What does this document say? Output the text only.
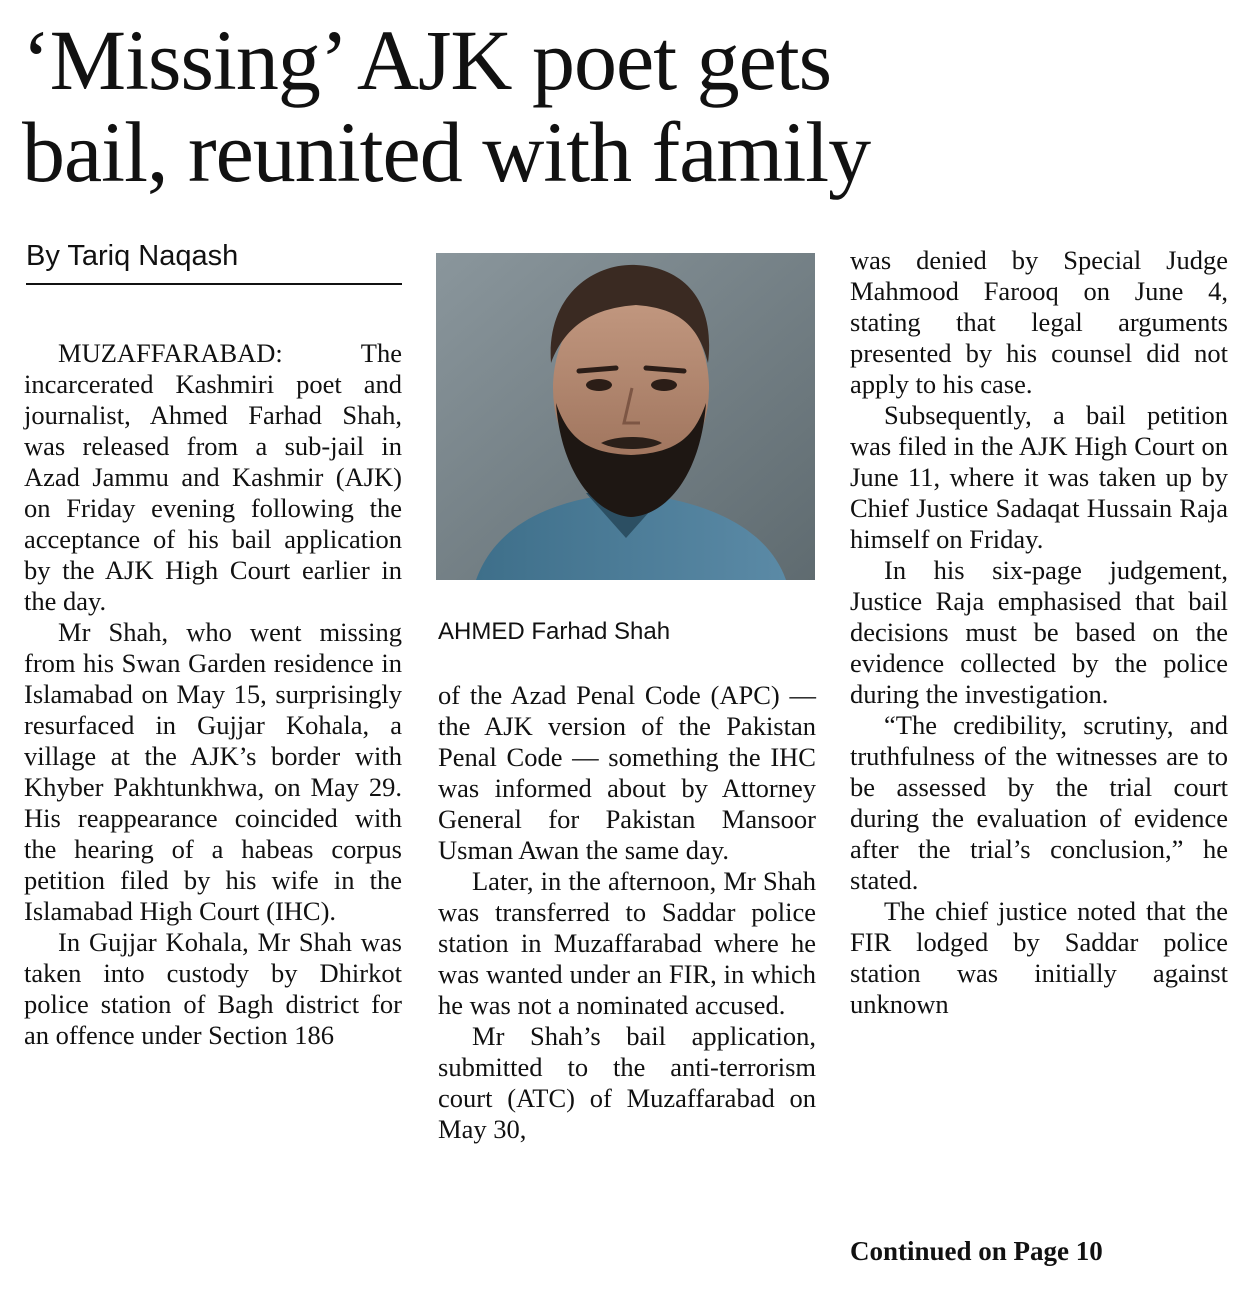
‘Missing’ AJK poet gets
bail, reunited with family
By Tariq Naqash

MUZAFFARABAD: The incarcerated Kashmiri poet and journalist, Ahmed Farhad Shah, was released from a sub-jail in Azad Jammu and Kashmir (AJK) on Friday evening following the acceptance of his bail application by the AJK High Court earlier in the day.

Mr Shah, who went missing from his Swan Garden residence in Islamabad on May 15, surprisingly resurfaced in Gujjar Kohala, a village at the AJK’s border with Khyber Pakhtunkhwa, on May 29. His reappearance coincided with the hearing of a habeas corpus petition filed by his wife in the Islamabad High Court (IHC).

In Gujjar Kohala, Mr Shah was taken into custody by Dhirkot police station of Bagh district for an offence under Section 186

AHMED Farhad Shah

of the Azad Penal Code (APC) — the AJK version of the Pakistan Penal Code — something the IHC was informed about by Attorney General for Pakistan Mansoor Usman Awan the same day.

Later, in the afternoon, Mr Shah was transferred to Saddar police station in Muzaffarabad where he was wanted under an FIR, in which he was not a nominated accused.

Mr Shah’s bail application, submitted to the anti-terrorism court (ATC) of Muzaffarabad on May 30,

was denied by Special Judge Mahmood Farooq on June 4, stating that legal arguments presented by his counsel did not apply to his case.

Subsequently, a bail petition was filed in the AJK High Court on June 11, where it was taken up by Chief Justice Sadaqat Hussain Raja himself on Friday.

In his six-page judgement, Justice Raja emphasised that bail decisions must be based on the evidence collected by the police during the investigation.

“The credibility, scrutiny, and truthfulness of the witnesses are to be assessed by the trial court during the evaluation of evidence after the trial’s conclusion,” he stated.

The chief justice noted that the FIR lodged by Saddar police station was initially against unknown

Continued on Page 10
